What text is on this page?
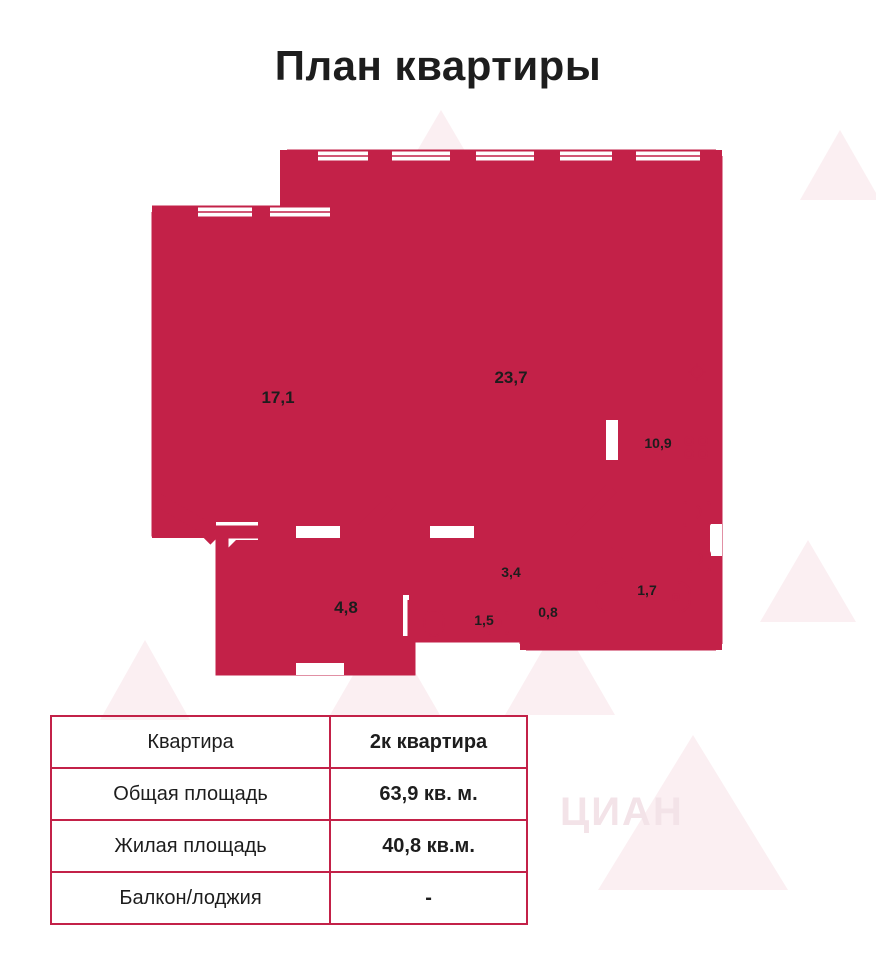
План квартиры
ЦИАН
17,1
23,7
10,9
4,8
3,4
1,7
1,5	0,8
Квартира	2к квартира
Общая площадь	63,9 кв. м.
Жилая площадь	40,8 кв.м.
Балкон/лоджия	-
